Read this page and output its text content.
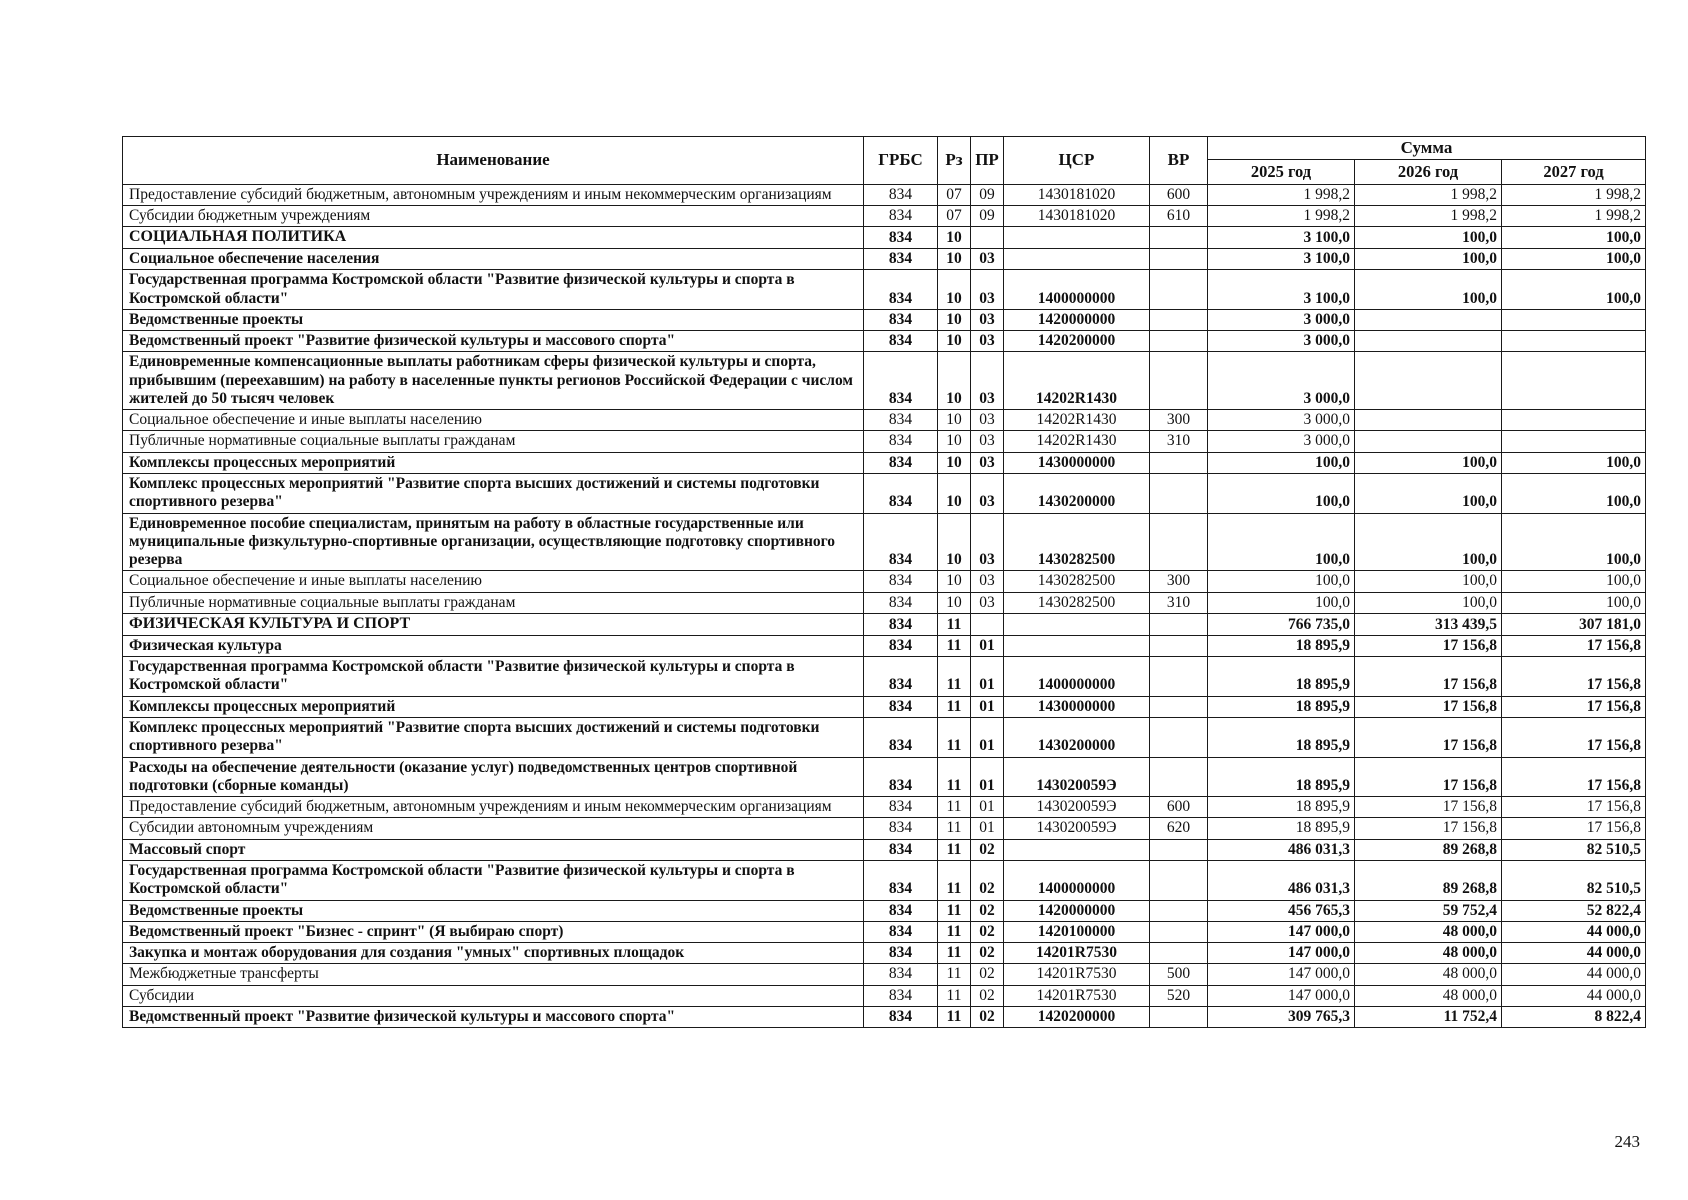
Наименование	ГРБС	Рз	ПР	ЦСР	ВР	Сумма		
						2025 год	2026 год	2027 год
Предоставление субсидий бюджетным, автономным учреждениям и иным некоммерческим организациям	834	07	09	1430181020	600	1 998,2	1 998,2	1 998,2
Субсидии бюджетным учреждениям	834	07	09	1430181020	610	1 998,2	1 998,2	1 998,2
СОЦИАЛЬНАЯ ПОЛИТИКА	834	10				3 100,0	100,0	100,0
Социальное обеспечение населения	834	10	03			3 100,0	100,0	100,0
Государственная программа Костромской области "Развитие физической культуры и спорта в Костромской области"	834	10	03	1400000000		3 100,0	100,0	100,0
Ведомственные проекты	834	10	03	1420000000		3 000,0		
Ведомственный проект "Развитие физической культуры и массового спорта"	834	10	03	1420200000		3 000,0		
Единовременные компенсационные выплаты работникам сферы физической культуры и спорта, прибывшим (переехавшим) на работу в населенные пункты регионов Российской Федерации с числом жителей до 50 тысяч человек	834	10	03	14202R1430		3 000,0		
Социальное обеспечение и иные выплаты населению	834	10	03	14202R1430	300	3 000,0		
Публичные нормативные социальные выплаты гражданам	834	10	03	14202R1430	310	3 000,0		
Комплексы процессных мероприятий	834	10	03	1430000000		100,0	100,0	100,0
Комплекс процессных мероприятий "Развитие спорта высших достижений и системы подготовки спортивного резерва"	834	10	03	1430200000		100,0	100,0	100,0
Единовременное пособие специалистам, принятым на работу в областные государственные или муниципальные физкультурно-спортивные организации, осуществляющие подготовку спортивного резерва	834	10	03	1430282500		100,0	100,0	100,0
Социальное обеспечение и иные выплаты населению	834	10	03	1430282500	300	100,0	100,0	100,0
Публичные нормативные социальные выплаты гражданам	834	10	03	1430282500	310	100,0	100,0	100,0
ФИЗИЧЕСКАЯ КУЛЬТУРА И СПОРТ	834	11				766 735,0	313 439,5	307 181,0
Физическая культура	834	11	01			18 895,9	17 156,8	17 156,8
Государственная программа Костромской области "Развитие физической культуры и спорта в Костромской области"	834	11	01	1400000000		18 895,9	17 156,8	17 156,8
Комплексы процессных мероприятий	834	11	01	1430000000		18 895,9	17 156,8	17 156,8
Комплекс процессных мероприятий "Развитие спорта высших достижений и системы подготовки спортивного резерва"	834	11	01	1430200000		18 895,9	17 156,8	17 156,8
Расходы на обеспечение деятельности (оказание услуг) подведомственных центров спортивной подготовки (сборные команды)	834	11	01	143020059Э		18 895,9	17 156,8	17 156,8
Предоставление субсидий бюджетным, автономным учреждениям и иным некоммерческим организациям	834	11	01	143020059Э	600	18 895,9	17 156,8	17 156,8
Субсидии автономным учреждениям	834	11	01	143020059Э	620	18 895,9	17 156,8	17 156,8
Массовый спорт	834	11	02			486 031,3	89 268,8	82 510,5
Государственная программа Костромской области "Развитие физической культуры и спорта в Костромской области"	834	11	02	1400000000		486 031,3	89 268,8	82 510,5
Ведомственные проекты	834	11	02	1420000000		456 765,3	59 752,4	52 822,4
Ведомственный проект "Бизнес - спринт" (Я выбираю спорт)	834	11	02	1420100000		147 000,0	48 000,0	44 000,0
Закупка и монтаж оборудования для создания "умных" спортивных площадок	834	11	02	14201R7530		147 000,0	48 000,0	44 000,0
Межбюджетные трансферты	834	11	02	14201R7530	500	147 000,0	48 000,0	44 000,0
Субсидии	834	11	02	14201R7530	520	147 000,0	48 000,0	44 000,0
Ведомственный проект "Развитие физической культуры и массового спорта"	834	11	02	1420200000		309 765,3	11 752,4	8 822,4
243
